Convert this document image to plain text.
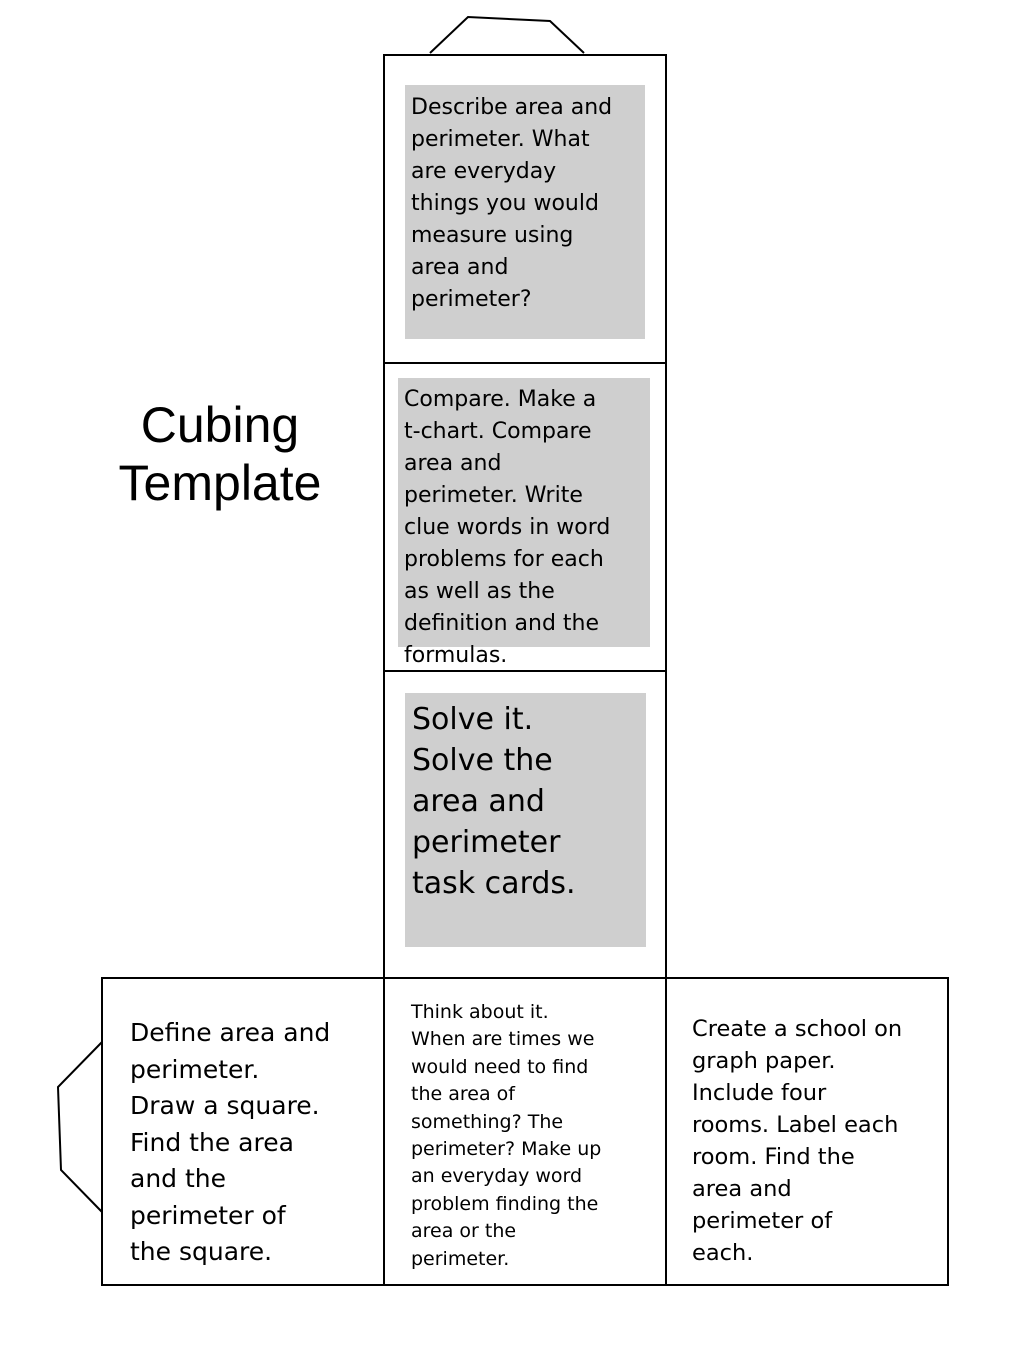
Cubing
Template
Describe area and
perimeter. What
are everyday
things you would
measure using
area and
perimeter?
Compare. Make a
t-chart. Compare
area and
perimeter. Write
clue words in word
problems for each
as well as the
definition and the
formulas.
Solve it.
Solve the
area and
perimeter
task cards.
Define area and
perimeter.
Draw a square.
Find the area
and the
perimeter of
the square.
Think about it.
When are times we
would need to find
the area of
something? The
perimeter? Make up
an everyday word
problem finding the
area or the
perimeter.
Create a school on
graph paper.
Include four
rooms. Label each
room. Find the
area and
perimeter of
each.
